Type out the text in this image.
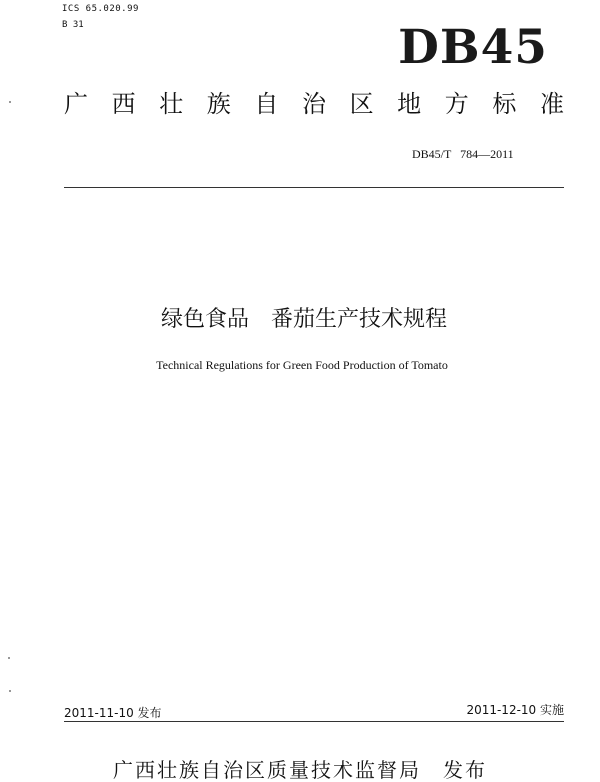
ICS 65.020.99
B 31	DB45
广 西 壮 族 自 治 区 地 方 标 准
DB45/T 784—2011
绿色食品　番茄生产技术规程
Technical Regulations for Green Food Production of Tomato
2011-11-10 发布	2011-12-10 实施
广西壮族自治区质量技术监督局　发布
